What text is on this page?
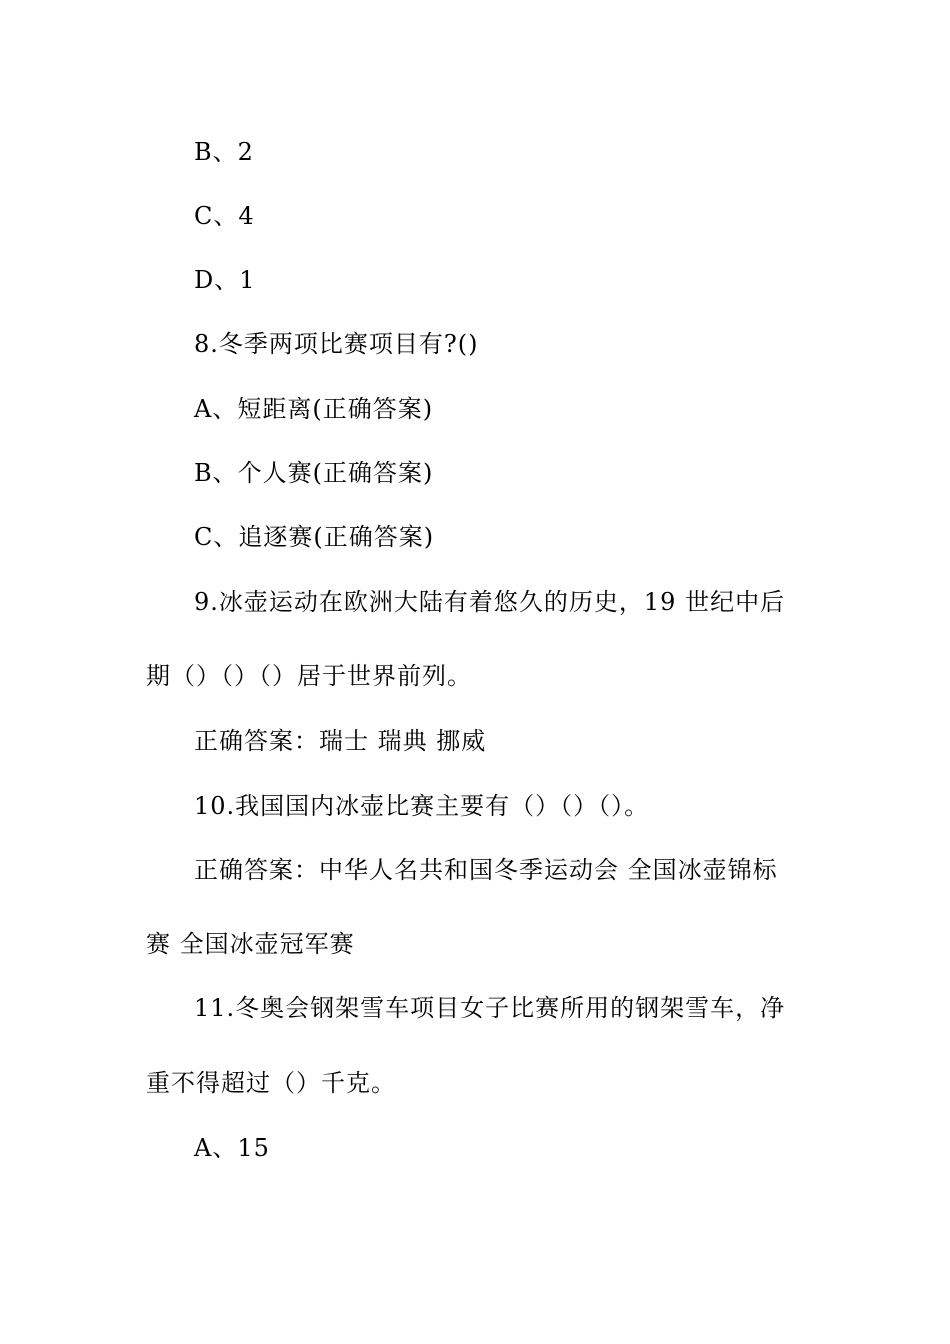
B、2
C、4
D、1
8.冬季两项比赛项目有?()
A、短距离(正确答案)
B、个人赛(正确答案)
C、追逐赛(正确答案)
9.冰壶运动在欧洲大陆有着悠久的历史，19 世纪中后
期（）（）（）居于世界前列。
正确答案：瑞士 瑞典 挪威
10.我国国内冰壶比赛主要有（）（）（）。
正确答案：中华人名共和国冬季运动会 全国冰壶锦标
赛 全国冰壶冠军赛
11.冬奥会钢架雪车项目女子比赛所用的钢架雪车，净
重不得超过（）千克。
A、15
